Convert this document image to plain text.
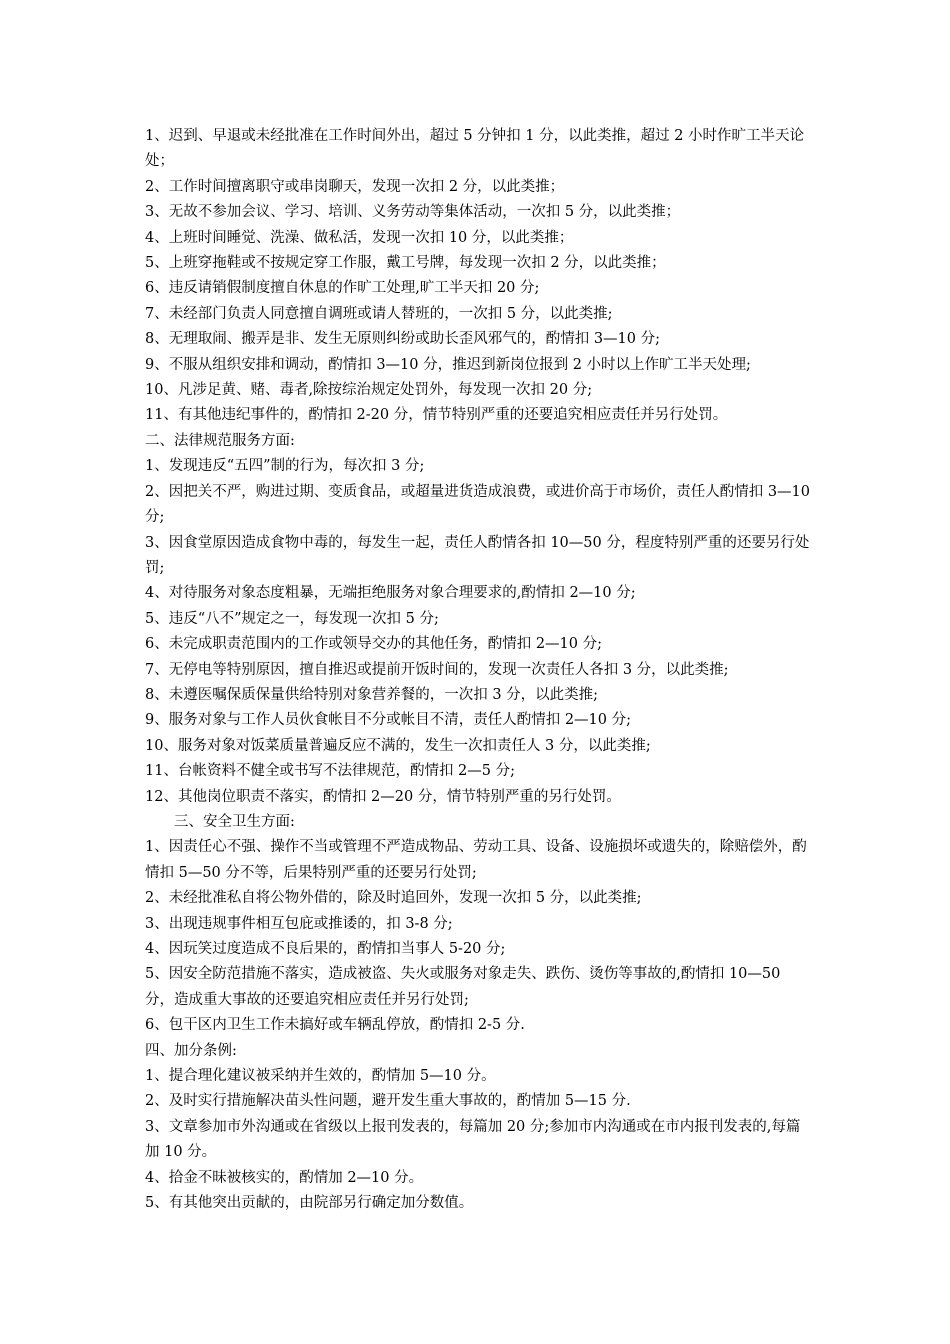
1、迟到、早退或未经批准在工作时间外出，超过 5 分钟扣 1 分，以此类推，超过 2 小时作旷工半天论处；

2、工作时间擅离职守或串岗聊天，发现一次扣 2 分，以此类推；

3、无故不参加会议、学习、培训、义务劳动等集体活动，一次扣 5 分，以此类推；

4、上班时间睡觉、洗澡、做私活，发现一次扣 10 分，以此类推；

5、上班穿拖鞋或不按规定穿工作服，戴工号牌，每发现一次扣 2 分，以此类推；

6、违反请销假制度擅自休息的作旷工处理,旷工半天扣 20 分;

7、未经部门负责人同意擅自调班或请人替班的，一次扣 5 分，以此类推;

8、无理取闹、搬弄是非、发生无原则纠纷或助长歪风邪气的，酌情扣 3—10 分;

9、不服从组织安排和调动，酌情扣 3—10 分，推迟到新岗位报到 2 小时以上作旷工半天处理;

10、凡涉足黄、赌、毒者,除按综治规定处罚外，每发现一次扣 20 分;

11、有其他违纪事件的，酌情扣 2-20 分，情节特别严重的还要追究相应责任并另行处罚。

二、法律规范服务方面:

1、发现违反“五四”制的行为，每次扣 3 分;

2、因把关不严，购进过期、变质食品，或超量进货造成浪费，或进价高于市场价，责任人酌情扣 3—10 分;

3、因食堂原因造成食物中毒的，每发生一起，责任人酌情各扣 10—50 分，程度特别严重的还要另行处罚;

4、对待服务对象态度粗暴，无端拒绝服务对象合理要求的,酌情扣 2—10 分;

5、违反“八不”规定之一，每发现一次扣 5 分;

6、未完成职责范围内的工作或领导交办的其他任务，酌情扣 2—10 分;

7、无停电等特别原因，擅自推迟或提前开饭时间的，发现一次责任人各扣 3 分，以此类推;

8、未遵医嘱保质保量供给特别对象营养餐的，一次扣 3 分，以此类推;

9、服务对象与工作人员伙食帐目不分或帐目不清，责任人酌情扣 2—10 分;

10、服务对象对饭菜质量普遍反应不满的，发生一次扣责任人 3 分，以此类推;

11、台帐资料不健全或书写不法律规范，酌情扣 2—5 分;

12、其他岗位职责不落实，酌情扣 2—20 分，情节特别严重的另行处罚。

三、安全卫生方面:

1、因责任心不强、操作不当或管理不严造成物品、劳动工具、设备、设施损坏或遗失的，除赔偿外，酌情扣 5—50 分不等，后果特别严重的还要另行处罚;

2、未经批准私自将公物外借的，除及时追回外，发现一次扣 5 分，以此类推;

3、出现违规事件相互包庇或推诿的，扣 3-8 分;

4、因玩笑过度造成不良后果的，酌情扣当事人 5-20 分;

5、因安全防范措施不落实，造成被盗、失火或服务对象走失、跌伤、烫伤等事故的,酌情扣 10—50 分，造成重大事故的还要追究相应责任并另行处罚;

6、包干区内卫生工作未搞好或车辆乱停放，酌情扣 2-5 分.

四、加分条例:

1、提合理化建议被采纳并生效的，酌情加 5—10 分。

2、及时实行措施解决苗头性问题，避开发生重大事故的，酌情加 5—15 分.

3、文章参加市外沟通或在省级以上报刊发表的，每篇加 20 分;参加市内沟通或在市内报刊发表的,每篇加 10 分。

4、拾金不昧被核实的，酌情加 2—10 分。

5、有其他突出贡献的，由院部另行确定加分数值。
